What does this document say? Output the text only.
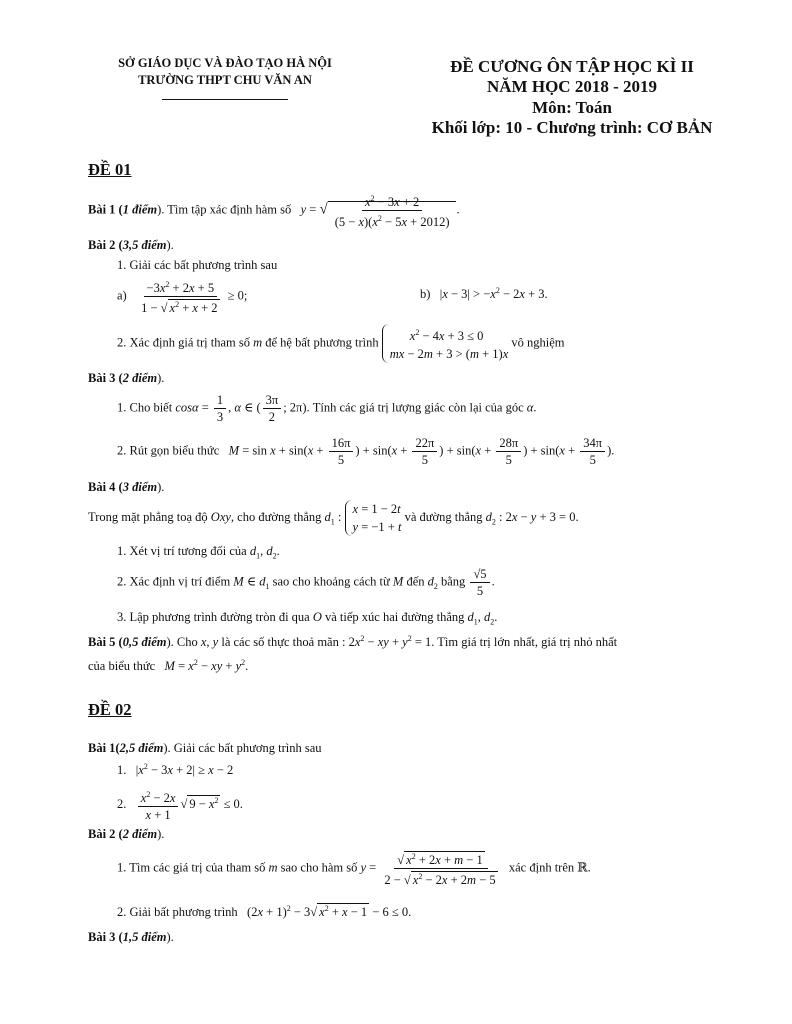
SỞ GIÁO DỤC VÀ ĐÀO TẠO HÀ NỘI
TRƯỜNG THPT CHU VĂN AN
ĐỀ CƯƠNG ÔN TẬP HỌC KÌ II
NĂM HỌC 2018 - 2019
Môn: Toán
Khối lớp: 10 - Chương trình: CƠ BẢN
ĐỀ 01
Bài 1 (1 điểm). Tìm tập xác định hàm số y = √ $\frac{x^2 - 3x + 2}{(5 - x)(x^2 - 5x + 2012)}$ .
Bài 2 (3,5 điểm).
1. Giải các bất phương trình sau
$a) \frac{-3x^2 + 2x + 5}{1 - √ x^2 + x + 2} \ge 0$;	b)   $|x - 3| > -x^2 - 2x + 3$.
2. Xác định giá trị tham số m để hệ bất phương trình $x^2 - 4x + 3 \le 0$
mx − 2m + 3 > (m + 1)x vô nghiệm
Bài 3 (2 điểm).
1. Cho biết $\cos\alpha = \frac{1}{3}$ , α ∈ ( $\frac{3\pi}{2}$ ; 2π). Tính các giá trị lượng giác còn lại của góc α.
2. Rút gọn biểu thức $M = \sin x + \sin(x + \frac{16\pi}{5}$ ) + $\sin(x + \frac{22\pi}{5}$ ) + $\sin(x + \frac{28\pi}{5}$ ) + $\sin(x + \frac{34\pi}{5}$ ).
Bài 4 (3 điểm).
Trong mặt phẳng toạ độ Oxy, cho đường thẳng $d_1$ : x = 1 − 2t
y = −1 + t và đường thẳng $d_2$ : 2x − y + 3 = 0.
1. Xét vị trí tương đối của $d_1$, $d_2$.
2. Xác định vị trí điểm M ∈ $d_1$ sao cho khoảng cách từ M đến $d_2$ bằng $\frac{√5}{5}$ .
3. Lập phương trình đường tròn đi qua O và tiếp xúc hai đường thẳng $d_1$, $d_2$.
Bài 5 (0,5 điểm). Cho x, y là các số thực thoả mãn : $2x^2$ − xy + $y^2 = 1$. Tìm giá trị lớn nhất, giá trị nhỏ nhất
của biểu thức $M = x^2$ − xy + $y^2$.
ĐỀ 02
Bài 1(2,5 điểm). Giải các bất phương trình sau
1.   $|x^2 - 3x + 2| \ge x - 2$
2. $\frac{x^2 - 2x}{x + 1}$ √ $9 - x^2 \le 0$.
Bài 2 (2 điểm).
1. Tìm các giá trị của tham số m sao cho hàm số $y = \frac{√ x^2 + 2x + m - 1}{2 - √ x^2 - 2x + 2m - 5}$ xác định trên ℝ.
2. Giải bất phương trình   $(2x + 1)^2 - 3√$ $x^2 + x - 1 - 6 \le 0$.
Bài 3 (1,5 điểm).
